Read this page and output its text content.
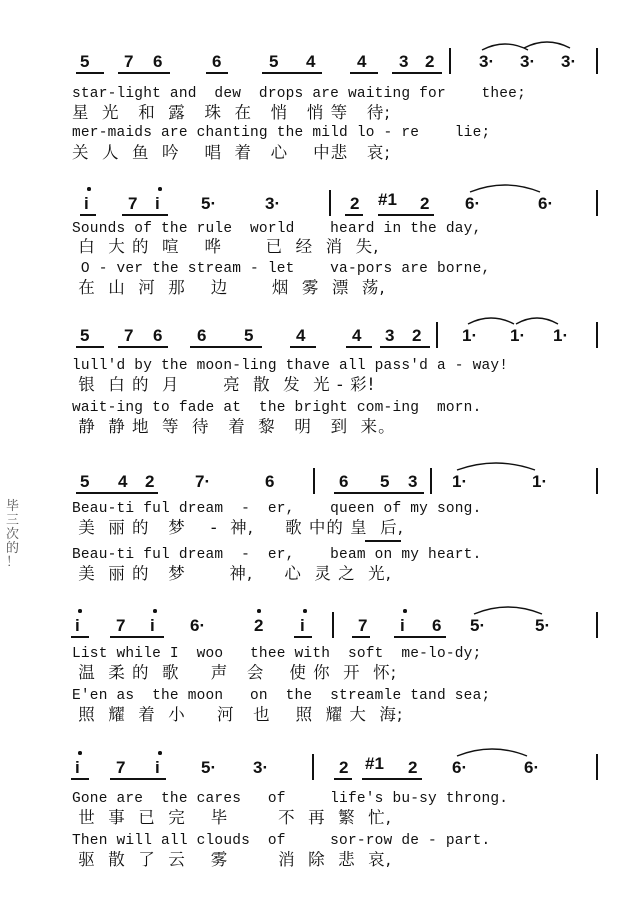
毕 三 次 的 ！
5 7 6	6	5 4 4 3 2	3· 3· 3·
star-light and  dew  drops are waiting for    thee;
星  光   和  露   珠  在   悄   悄 等   待;
mer-maids are chanting the mild lo - re    lie;
关  人  鱼  吟    唱  着   心    中悲   哀;
i 7 i 5·	3·	2 #1 2 6·	6·
Sounds of the rule  world    heard in the day,
白  大 的  喧    哗       已  经  消  失,
O - ver the stream - let    va-pors are borne,
在  山  河  那    边       烟  雾  漂  荡,
5 7 6 6 5	4	4 3 2 1· 1· 1·
lull'd by the moon-ling thave all pass'd a - way!
银  白 的  月       亮  散  发  光 - 彩!
wait-ing to fade at  the bright com-ing  morn.
静  静 地  等  待   着  黎   明   到  来。
5 4 2 7·	6	6 5 3 1·	1·
Beau-ti ful dream  -  er,    queen of my song.
美  丽 的   梦    -  神,     歌 中的 皇  后,
Beau-ti ful dream  -  er,    beam on my heart.
美  丽 的   梦       神,     心  灵 之  光,
i 7 i 6·	2 i	7 i 6 5·	5·
List while I  woo   thee with  soft  me-lo-dy;
温  柔 的  歌     声   会    使 你  开  怀;
E'en as  the moon   on  the  streamle tand sea;
照  耀  着  小     河   也    照  耀 大  海;
i 7 i 5· 3·	2 #1 2 6·	6·
Gone are  the cares   of     life's bu-sy throng.
世  事  已  完    毕        不  再  繁  忙,
Then will all clouds  of     sor-row de - part.
驱  散  了  云    雾        消  除  悲  哀,
